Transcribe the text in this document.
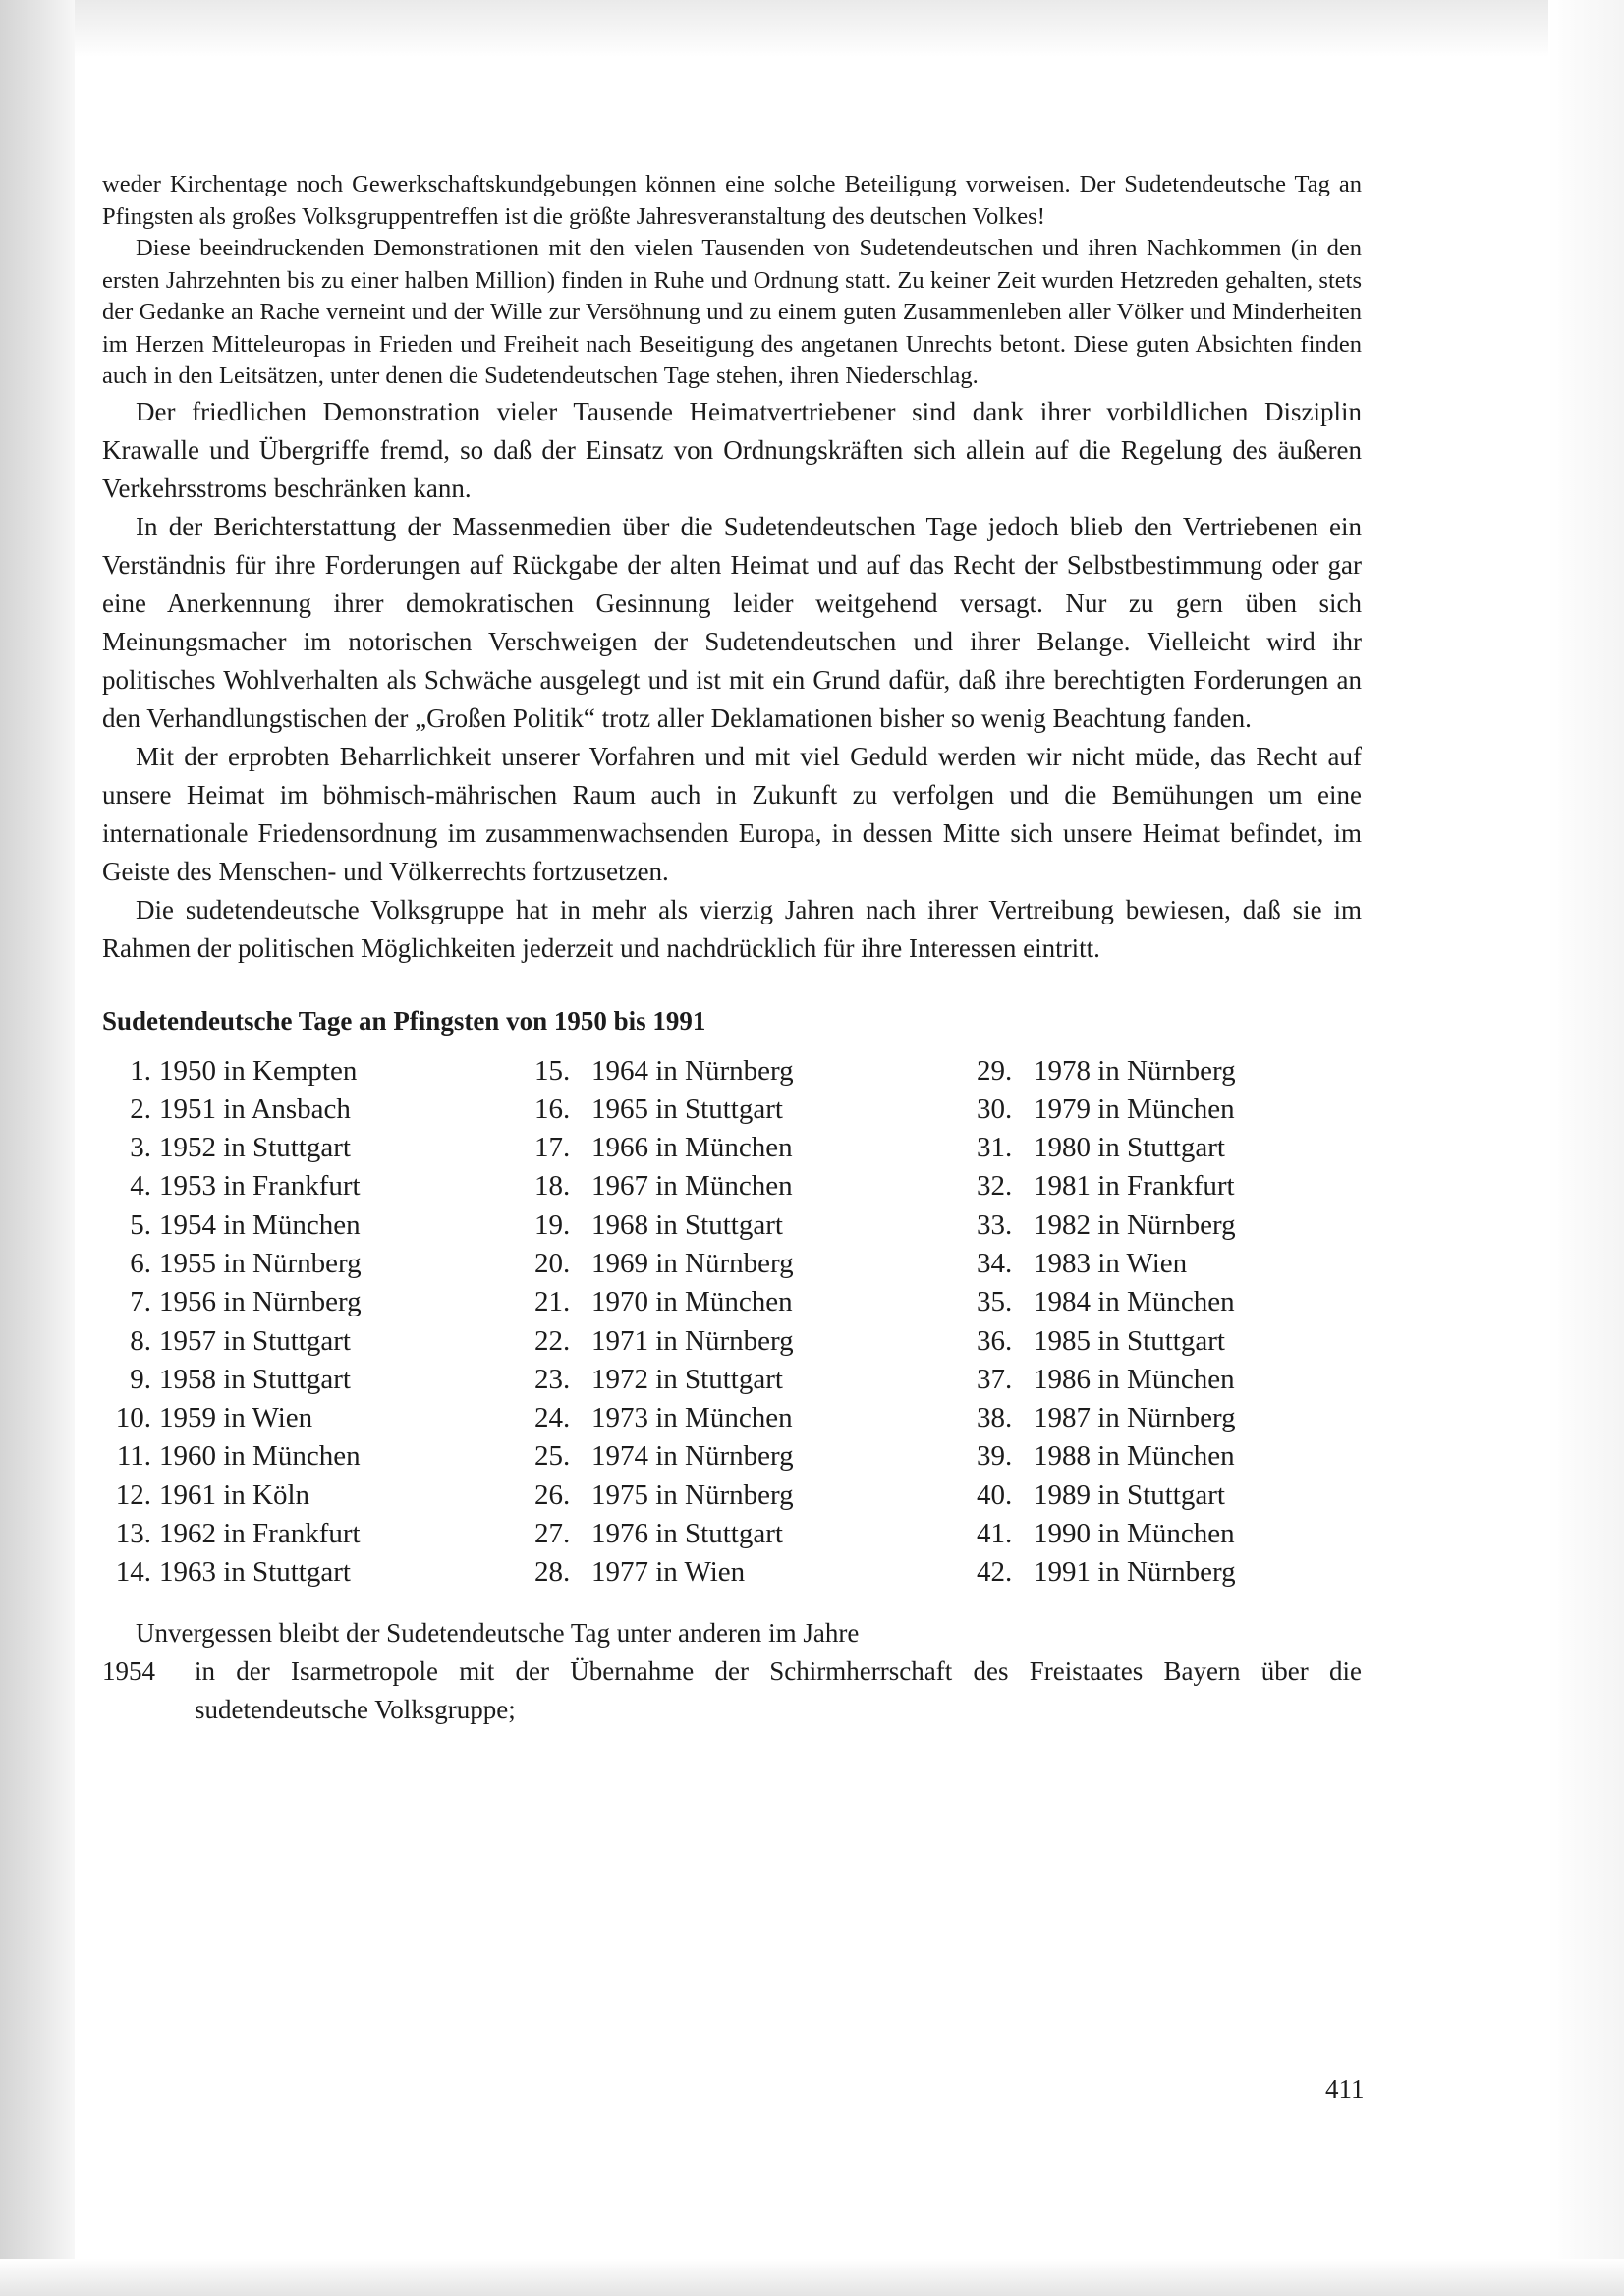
weder Kirchentage noch Gewerkschaftskundgebungen können eine solche Beteiligung vorweisen. Der Sudetendeutsche Tag an Pfingsten als großes Volksgruppentreffen ist die größte Jahresveranstaltung des deutschen Volkes!

Diese beeindruckenden Demonstrationen mit den vielen Tausenden von Sudetendeutschen und ihren Nachkommen (in den ersten Jahrzehnten bis zu einer halben Million) finden in Ruhe und Ordnung statt. Zu keiner Zeit wurden Hetzreden gehalten, stets der Gedanke an Rache verneint und der Wille zur Versöhnung und zu einem guten Zusammenleben aller Völker und Minderheiten im Herzen Mitteleuropas in Frieden und Freiheit nach Beseitigung des angetanen Unrechts betont. Diese guten Absichten finden auch in den Leitsätzen, unter denen die Sudetendeutschen Tage stehen, ihren Niederschlag.

Der friedlichen Demonstration vieler Tausende Heimatvertriebener sind dank ihrer vorbildlichen Disziplin Krawalle und Übergriffe fremd, so daß der Einsatz von Ordnungskräften sich allein auf die Regelung des äußeren Verkehrsstroms beschränken kann.

In der Berichterstattung der Massenmedien über die Sudetendeutschen Tage jedoch blieb den Vertriebenen ein Verständnis für ihre Forderungen auf Rückgabe der alten Heimat und auf das Recht der Selbstbestimmung oder gar eine Anerkennung ihrer demokratischen Gesinnung leider weitgehend versagt. Nur zu gern üben sich Meinungsmacher im notorischen Verschweigen der Sudetendeutschen und ihrer Belange. Vielleicht wird ihr politisches Wohlverhalten als Schwäche ausgelegt und ist mit ein Grund dafür, daß ihre berechtigten Forderungen an den Verhandlungstischen der „Großen Politik“ trotz aller Deklamationen bisher so wenig Beachtung fanden.

Mit der erprobten Beharrlichkeit unserer Vorfahren und mit viel Geduld werden wir nicht müde, das Recht auf unsere Heimat im böhmisch-mährischen Raum auch in Zukunft zu verfolgen und die Bemühungen um eine internationale Friedensordnung im zusammenwachsenden Europa, in dessen Mitte sich unsere Heimat befindet, im Geiste des Menschen- und Völkerrechts fortzusetzen.

Die sudetendeutsche Volksgruppe hat in mehr als vierzig Jahren nach ihrer Vertreibung bewiesen, daß sie im Rahmen der politischen Möglichkeiten jederzeit und nachdrücklich für ihre Interessen eintritt.

Sudetendeutsche Tage an Pfingsten von 1950 bis 1991
1. 1950 in Kempten
2. 1951 in Ansbach
3. 1952 in Stuttgart
4. 1953 in Frankfurt
5. 1954 in München
6. 1955 in Nürnberg
7. 1956 in Nürnberg
8. 1957 in Stuttgart
9. 1958 in Stuttgart
10. 1959 in Wien
11. 1960 in München
12. 1961 in Köln
13. 1962 in Frankfurt
14. 1963 in Stuttgart
15. 1964 in Nürnberg
16. 1965 in Stuttgart
17. 1966 in München
18. 1967 in München
19. 1968 in Stuttgart
20. 1969 in Nürnberg
21. 1970 in München
22. 1971 in Nürnberg
23. 1972 in Stuttgart
24. 1973 in München
25. 1974 in Nürnberg
26. 1975 in Nürnberg
27. 1976 in Stuttgart
28. 1977 in Wien
29. 1978 in Nürnberg
30. 1979 in München
31. 1980 in Stuttgart
32. 1981 in Frankfurt
33. 1982 in Nürnberg
34. 1983 in Wien
35. 1984 in München
36. 1985 in Stuttgart
37. 1986 in München
38. 1987 in Nürnberg
39. 1988 in München
40. 1989 in Stuttgart
41. 1990 in München
42. 1991 in Nürnberg

Unvergessen bleibt der Sudetendeutsche Tag unter anderen im Jahre

1954	in der Isarmetropole mit der Übernahme der Schirmherrschaft des Freistaates Bayern über die sudetendeutsche Volksgruppe;
411
